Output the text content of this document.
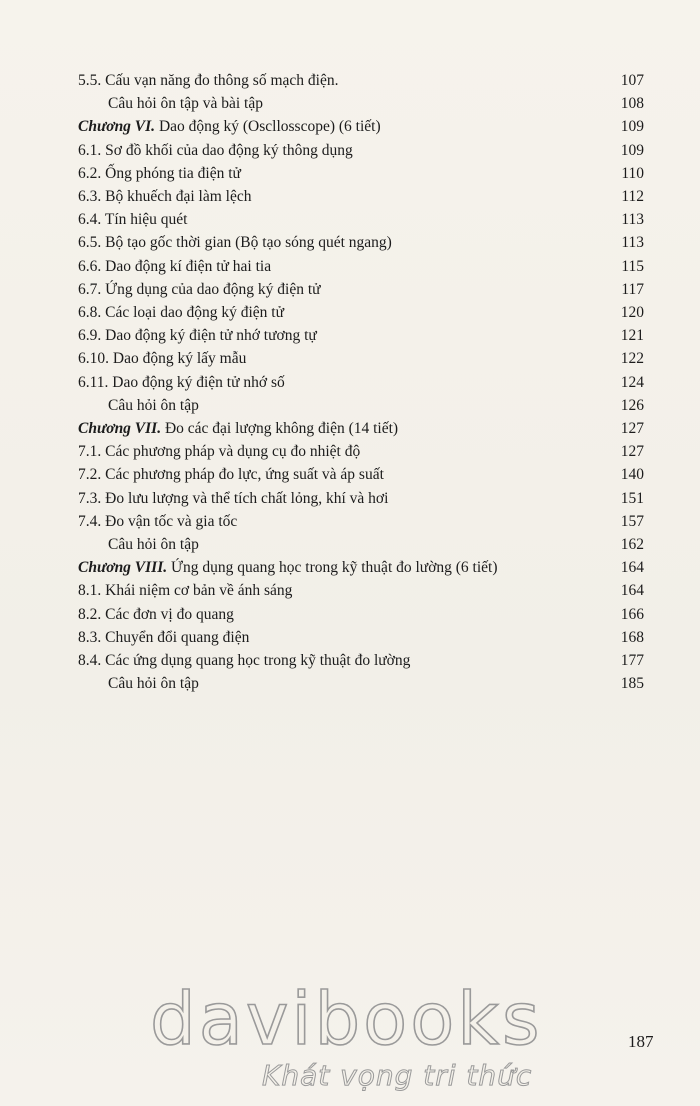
5.5. Cấu vạn năng đo thông số mạch điện.	107
Câu hỏi ôn tập và bài tập	108
Chương VI. Dao động ký (Oscllosscope) (6 tiết)	109
6.1. Sơ đồ khối của dao động ký thông dụng	109
6.2. Ống phóng tia điện tử	110
6.3. Bộ khuếch đại làm lệch	112
6.4. Tín hiệu quét	113
6.5. Bộ tạo gốc thời gian (Bộ tạo sóng quét ngang)	113
6.6. Dao động kí điện tử hai tia	115
6.7. Ứng dụng của dao động ký điện tử	117
6.8. Các loại dao động ký điện tử	120
6.9. Dao động ký điện tử nhớ tương tự	121
6.10. Dao động ký lấy mẫu	122
6.11. Dao động ký điện tử nhớ số	124
Câu hỏi ôn tập	126
Chương VII. Đo các đại lượng không điện (14 tiết)	127
7.1. Các phương pháp và dụng cụ đo nhiệt độ	127
7.2. Các phương pháp đo lực, ứng suất và áp suất	140
7.3. Đo lưu lượng và thể tích chất lỏng, khí và hơi	151
7.4. Đo vận tốc và gia tốc	157
Câu hỏi ôn tập	162
Chương VIII. Ứng dụng quang học trong kỹ thuật đo lường (6 tiết)	164
8.1. Khái niệm cơ bản về ánh sáng	164
8.2. Các đơn vị đo quang	166
8.3. Chuyển đổi quang điện	168
8.4. Các ứng dụng quang học trong kỹ thuật đo lường	177
Câu hỏi ôn tập	185
187
davibooks
Khát vọng tri thức
